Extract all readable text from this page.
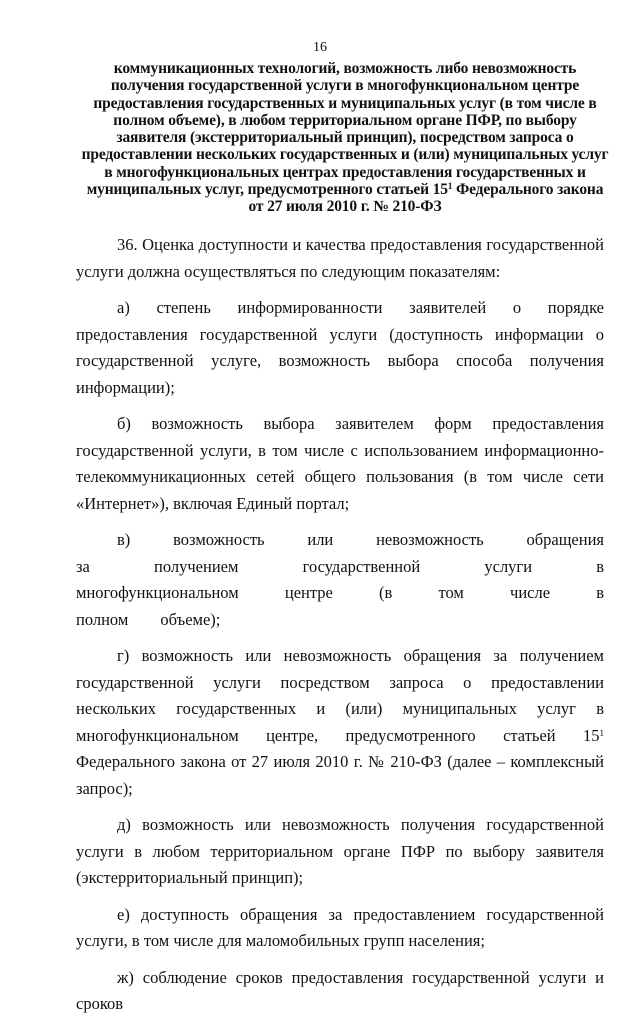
16
коммуникационных технологий, возможность либо невозможность
получения государственной услуги в многофункциональном центре
предоставления государственных и муниципальных услуг (в том числе в
полном объеме), в любом территориальном органе ПФР, по выбору
заявителя (экстерриториальный принцип), посредством запроса о
предоставлении нескольких государственных и (или) муниципальных услуг
в многофункциональных центрах предоставления государственных и
муниципальных услуг, предусмотренного статьей $15^1$ Федерального закона
от 27 июля 2010 г. № 210-ФЗ

36. Оценка доступности и качества предоставления государственной услуги должна осуществляться по следующим показателям:

а) степень информированности заявителей о порядке предоставления государственной услуги (доступность информации о государственной услуге, возможность выбора способа получения информации);

б) возможность выбора заявителем форм предоставления государственной услуги, в том числе с использованием информационно-телекоммуникационных сетей общего пользования (в том числе сети «Интернет»), включая Единый портал;

в) возможность или невозможность обращения за получением государственной услуги в многофункциональном центре (в том числе в полном объеме);

г) возможность или невозможность обращения за получением государственной услуги посредством запроса о предоставлении нескольких государственных и (или) муниципальных услуг в многофункциональном центре, предусмотренного статьей $15^1$ Федерального закона от 27 июля 2010 г. № 210-ФЗ (далее – комплексный запрос);

д) возможность или невозможность получения государственной услуги в любом территориальном органе ПФР по выбору заявителя (экстерриториальный принцип);

е) доступность обращения за предоставлением государственной услуги, в том числе для маломобильных групп населения;

ж) соблюдение сроков предоставления государственной услуги и сроков
